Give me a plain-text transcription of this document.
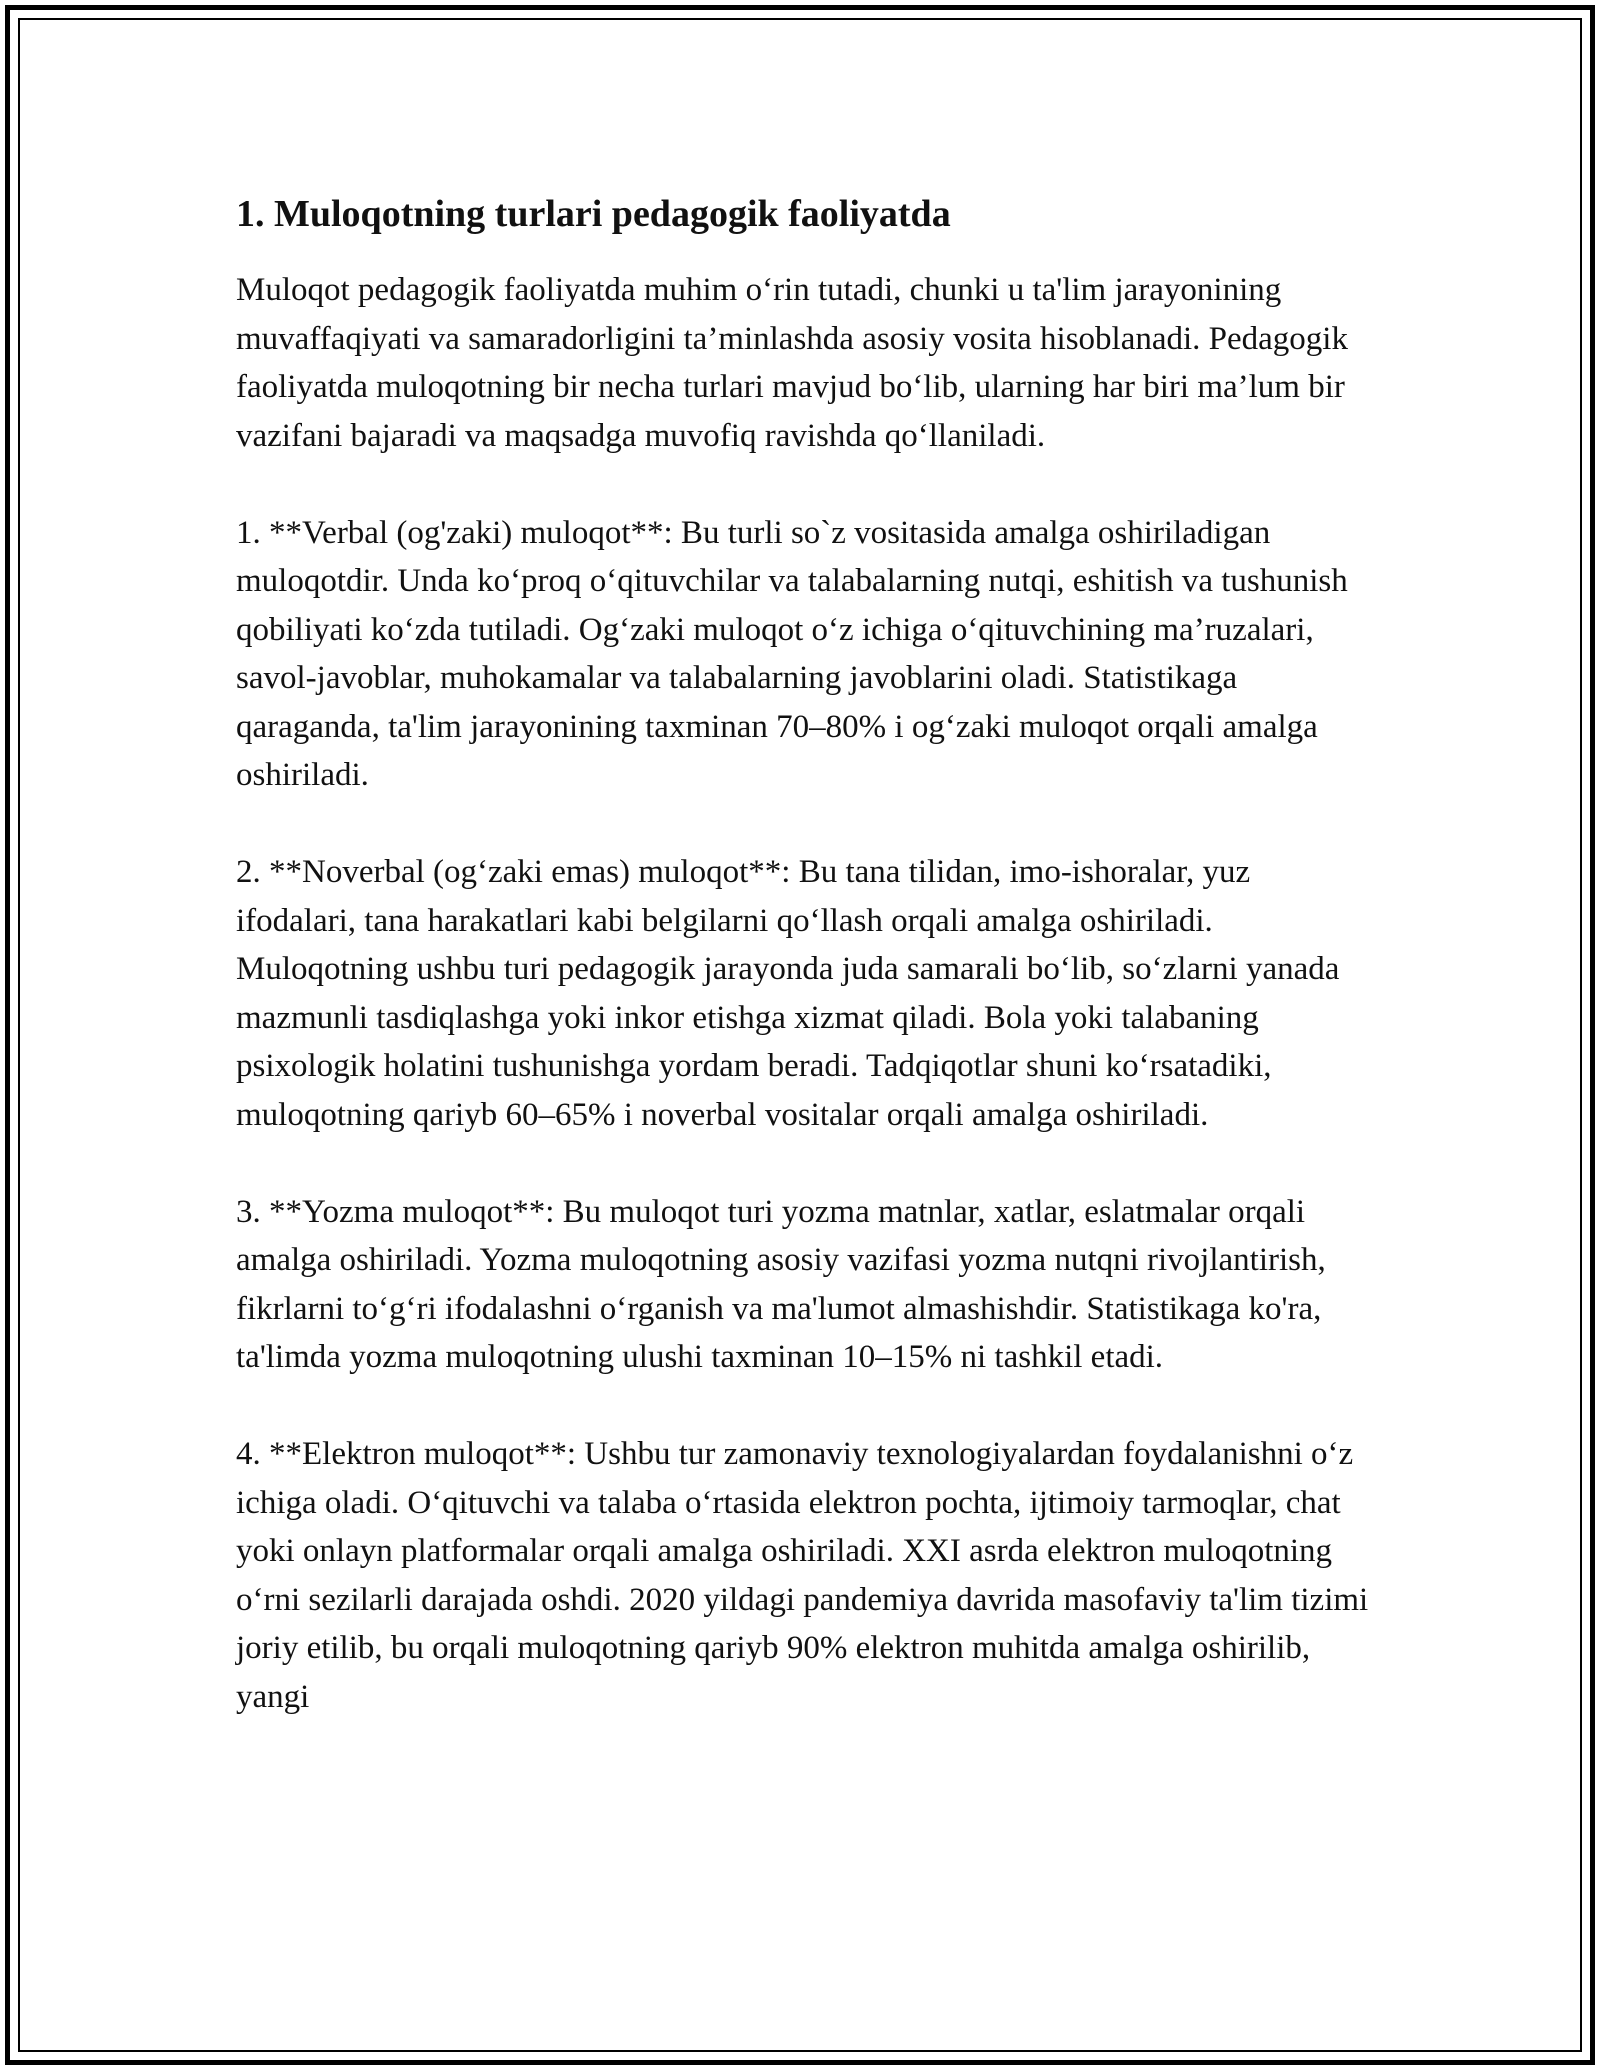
1. Muloqotning turlari pedagogik faoliyatda

Muloqot pedagogik faoliyatda muhim o‘rin tutadi, chunki u ta'lim jarayonining muvaffaqiyati va samaradorligini ta’minlashda asosiy vosita hisoblanadi. Pedagogik faoliyatda muloqotning bir necha turlari mavjud bo‘lib, ularning har biri ma’lum bir vazifani bajaradi va maqsadga muvofiq ravishda qo‘llaniladi.

1. **Verbal (og'zaki) muloqot**: Bu turli so`z vositasida amalga oshiriladigan muloqotdir. Unda ko‘proq o‘qituvchilar va talabalarning nutqi, eshitish va tushunish qobiliyati ko‘zda tutiladi. Og‘zaki muloqot o‘z ichiga o‘qituvchining ma’ruzalari, savol-javoblar, muhokamalar va talabalarning javoblarini oladi. Statistikaga qaraganda, ta'lim jarayonining taxminan 70–80% i og‘zaki muloqot orqali amalga oshiriladi.

2. **Noverbal (og‘zaki emas) muloqot**: Bu tana tilidan, imo-ishoralar, yuz ifodalari, tana harakatlari kabi belgilarni qo‘llash orqali amalga oshiriladi. Muloqotning ushbu turi pedagogik jarayonda juda samarali bo‘lib, so‘zlarni yanada mazmunli tasdiqlashga yoki inkor etishga xizmat qiladi. Bola yoki talabaning psixologik holatini tushunishga yordam beradi. Tadqiqotlar shuni ko‘rsatadiki, muloqotning qariyb 60–65% i noverbal vositalar orqali amalga oshiriladi.

3. **Yozma muloqot**: Bu muloqot turi yozma matnlar, xatlar, eslatmalar orqali amalga oshiriladi. Yozma muloqotning asosiy vazifasi yozma nutqni rivojlantirish, fikrlarni to‘g‘ri ifodalashni o‘rganish va ma'lumot almashishdir. Statistikaga ko'ra, ta'limda yozma muloqotning ulushi taxminan 10–15% ni tashkil etadi.

4. **Elektron muloqot**: Ushbu tur zamonaviy texnologiyalardan foydalanishni o‘z ichiga oladi. O‘qituvchi va talaba o‘rtasida elektron pochta, ijtimoiy tarmoqlar, chat yoki onlayn platformalar orqali amalga oshiriladi. XXI asrda elektron muloqotning o‘rni sezilarli darajada oshdi. 2020 yildagi pandemiya davrida masofaviy ta'lim tizimi joriy etilib, bu orqali muloqotning qariyb 90% elektron muhitda amalga oshirilib, yangi
